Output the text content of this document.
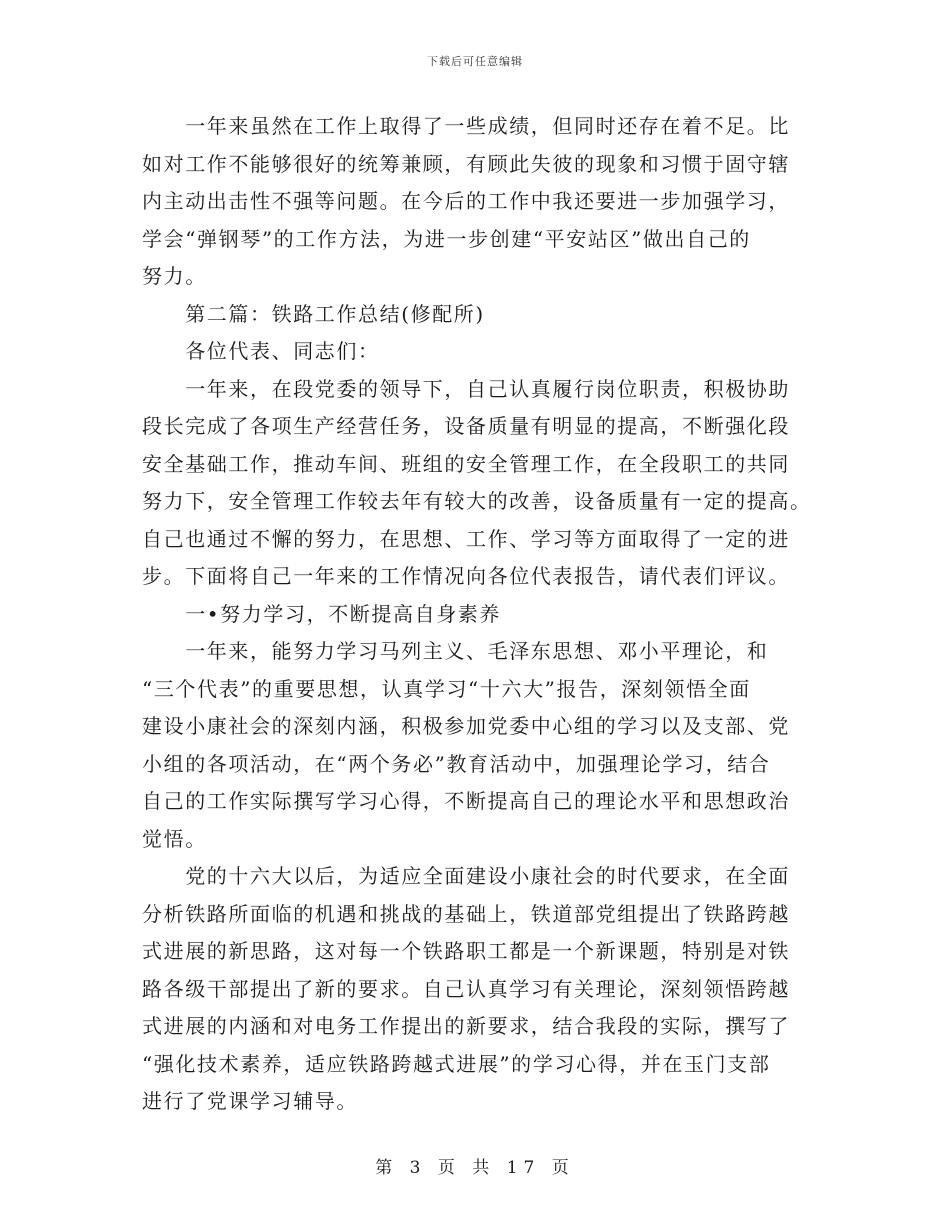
下载后可任意编辑

　　一年来虽然在工作上取得了一些成绩，但同时还存在着不足。比

如对工作不能够很好的统筹兼顾，有顾此失彼的现象和习惯于固守辖

内主动出击性不强等问题。在今后的工作中我还要进一步加强学习，

学会“弹钢琴”的工作方法，为进一步创建“平安站区”做出自己的

努力。

　　第二篇：铁路工作总结(修配所)

　　各位代表、同志们：

　　一年来，在段党委的领导下，自己认真履行岗位职责，积极协助

段长完成了各项生产经营任务，设备质量有明显的提高，不断强化段

安全基础工作，推动车间、班组的安全管理工作，在全段职工的共同

努力下，安全管理工作较去年有较大的改善，设备质量有一定的提高。

自己也通过不懈的努力，在思想、工作、学习等方面取得了一定的进

步。下面将自己一年来的工作情况向各位代表报告，请代表们评议。

　　一•努力学习，不断提高自身素养

　　一年来，能努力学习马列主义、毛泽东思想、邓小平理论，和

“三个代表”的重要思想，认真学习“十六大”报告，深刻领悟全面

建设小康社会的深刻内涵，积极参加党委中心组的学习以及支部、党

小组的各项活动，在“两个务必”教育活动中，加强理论学习，结合

自己的工作实际撰写学习心得，不断提高自己的理论水平和思想政治

觉悟。

　　党的十六大以后，为适应全面建设小康社会的时代要求，在全面

分析铁路所面临的机遇和挑战的基础上，铁道部党组提出了铁路跨越

式进展的新思路，这对每一个铁路职工都是一个新课题，特别是对铁

路各级干部提出了新的要求。自己认真学习有关理论，深刻领悟跨越

式进展的内涵和对电务工作提出的新要求，结合我段的实际，撰写了

“强化技术素养，适应铁路跨越式进展”的学习心得，并在玉门支部

进行了党课学习辅导。

第 3 页 共 17 页
